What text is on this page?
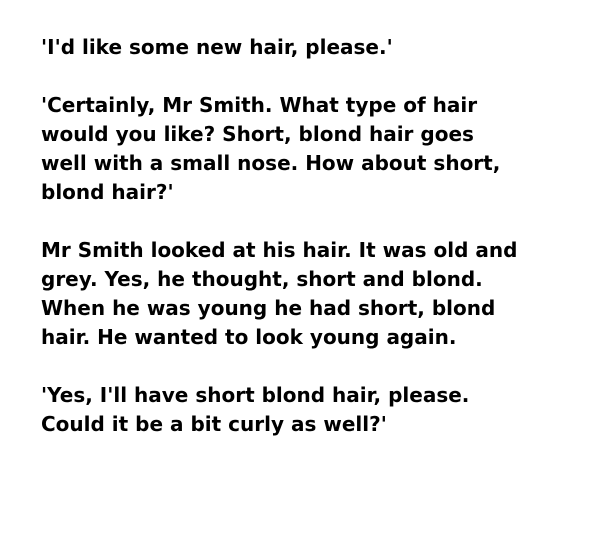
'I'd like some new hair, please.'

'Certainly, Mr Smith. What type of hair
would you like? Short, blond hair goes
well with a small nose. How about short,
blond hair?'

Mr Smith looked at his hair. It was old and
grey. Yes, he thought, short and blond.
When he was young he had short, blond
hair. He wanted to look young again.

'Yes, I'll have short blond hair, please.
Could it be a bit curly as well?'
